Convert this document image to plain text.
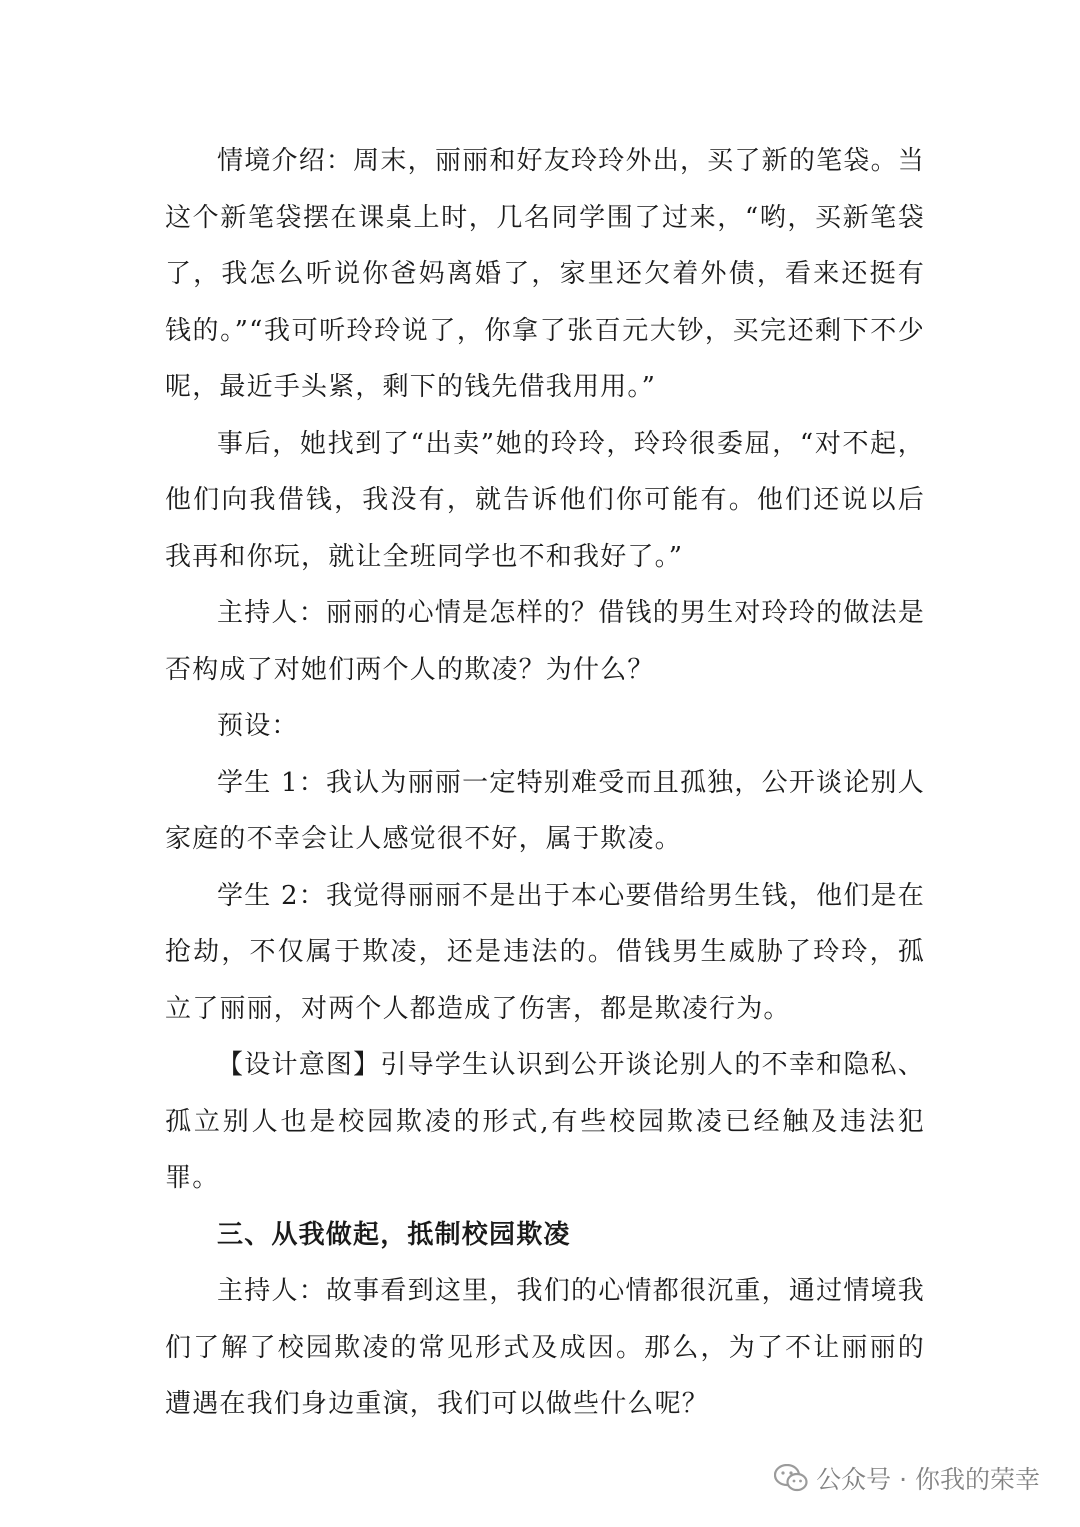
情境介绍：周末，丽丽和好友玲玲外出，买了新的笔袋。当这个新笔袋摆在课桌上时，几名同学围了过来，“哟，买新笔袋了，我怎么听说你爸妈离婚了，家里还欠着外债，看来还挺有钱的。”“我可听玲玲说了，你拿了张百元大钞，买完还剩下不少呢，最近手头紧，剩下的钱先借我用用。”

事后，她找到了“出卖”她的玲玲，玲玲很委屈，“对不起，他们向我借钱，我没有，就告诉他们你可能有。他们还说以后我再和你玩，就让全班同学也不和我好了。”

主持人：丽丽的心情是怎样的？借钱的男生对玲玲的做法是否构成了对她们两个人的欺凌？为什么？

预设：

学生 1：我认为丽丽一定特别难受而且孤独，公开谈论别人家庭的不幸会让人感觉很不好，属于欺凌。

学生 2：我觉得丽丽不是出于本心要借给男生钱，他们是在抢劫，不仅属于欺凌，还是违法的。借钱男生威胁了玲玲，孤立了丽丽，对两个人都造成了伤害，都是欺凌行为。

【设计意图】引导学生认识到公开谈论别人的不幸和隐私、孤立别人也是校园欺凌的形式,有些校园欺凌已经触及违法犯罪。

三、从我做起，抵制校园欺凌

主持人：故事看到这里，我们的心情都很沉重，通过情境我们了解了校园欺凌的常见形式及成因。那么，为了不让丽丽的遭遇在我们身边重演，我们可以做些什么呢？

公众号 · 你我的荣幸
